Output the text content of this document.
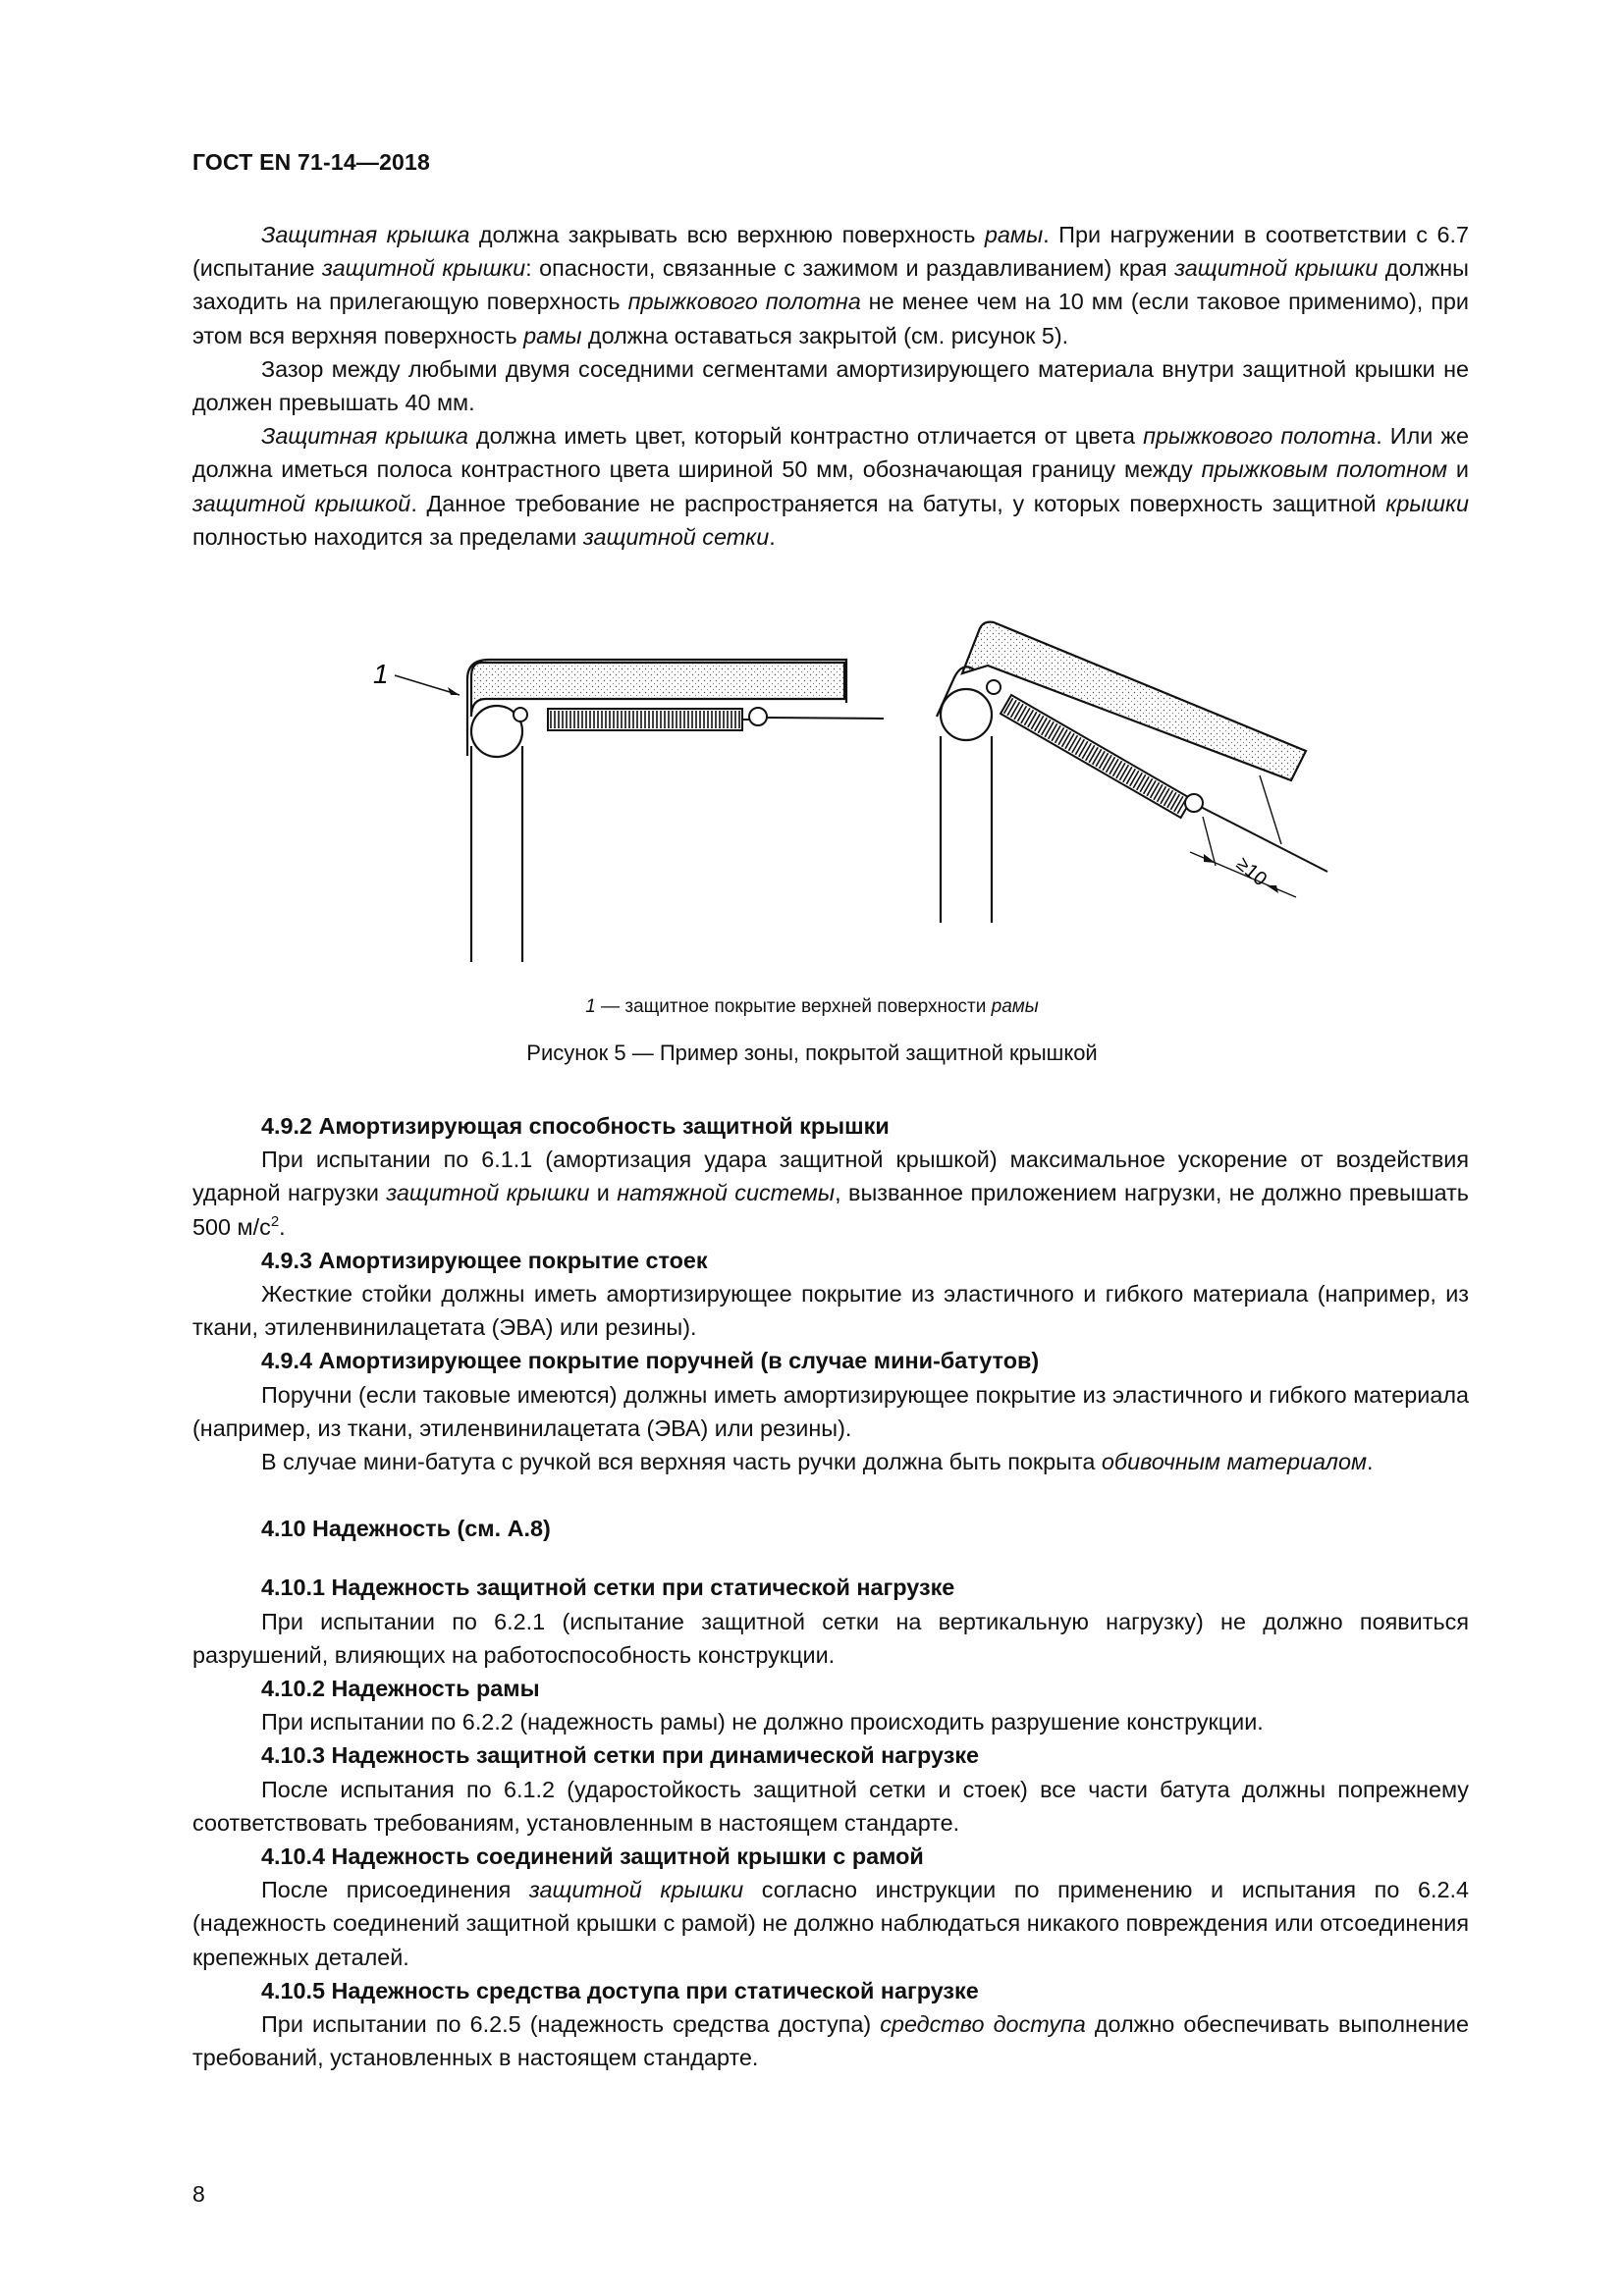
ГОСТ EN 71-14—2018

Защитная крышка должна закрывать всю верхнюю поверхность рамы. При нагружении в соответствии с 6.7 (испытание защитной крышки: опасности, связанные с зажимом и раздавливанием) края защитной крышки должны заходить на прилегающую поверхность прыжкового полотна не менее чем на 10 мм (если таковое применимо), при этом вся верхняя поверхность рамы должна оставаться закрытой (см. рисунок 5).

Зазор между любыми двумя соседними сегментами амортизирующего материала внутри защитной крышки не должен превышать 40 мм.

Защитная крышка должна иметь цвет, который контрастно отличается от цвета прыжкового полотна. Или же должна иметься полоса контрастного цвета шириной 50 мм, обозначающая границу между прыжковым полотном и защитной крышкой. Данное требование не распространяется на батуты, у которых поверхность защитной крышки полностью находится за пределами защитной сетки.

1
≥10
1 — защитное покрытие верхней поверхности рамы
Рисунок 5 — Пример зоны, покрытой защитной крышкой

4.9.2 Амортизирующая способность защитной крышки

При испытании по 6.1.1 (амортизация удара защитной крышкой) максимальное ускорение от воздействия ударной нагрузки защитной крышки и натяжной системы, вызванное приложением нагрузки, не должно превышать 500 $м/с^2$.

4.9.3 Амортизирующее покрытие стоек

Жесткие стойки должны иметь амортизирующее покрытие из эластичного и гибкого материала (например, из ткани, этиленвинилацетата (ЭВА) или резины).

4.9.4 Амортизирующее покрытие поручней (в случае мини-батутов)

Поручни (если таковые имеются) должны иметь амортизирующее покрытие из эластичного и гибкого материала (например, из ткани, этиленвинилацетата (ЭВА) или резины).

В случае мини-батута с ручкой вся верхняя часть ручки должна быть покрыта обивочным материалом.

4.10 Надежность (см. А.8)

4.10.1 Надежность защитной сетки при статической нагрузке

При испытании по 6.2.1 (испытание защитной сетки на вертикальную нагрузку) не должно появиться разрушений, влияющих на работоспособность конструкции.

4.10.2 Надежность рамы

При испытании по 6.2.2 (надежность рамы) не должно происходить разрушение конструкции.

4.10.3 Надежность защитной сетки при динамической нагрузке

После испытания по 6.1.2 (ударостойкость защитной сетки и стоек) все части батута должны попрежнему соответствовать требованиям, установленным в настоящем стандарте.

4.10.4 Надежность соединений защитной крышки с рамой

После присоединения защитной крышки согласно инструкции по применению и испытания по 6.2.4 (надежность соединений защитной крышки с рамой) не должно наблюдаться никакого повреждения или отсоединения крепежных деталей.

4.10.5 Надежность средства доступа при статической нагрузке

При испытании по 6.2.5 (надежность средства доступа) средство доступа должно обеспечивать выполнение требований, установленных в настоящем стандарте.

8
